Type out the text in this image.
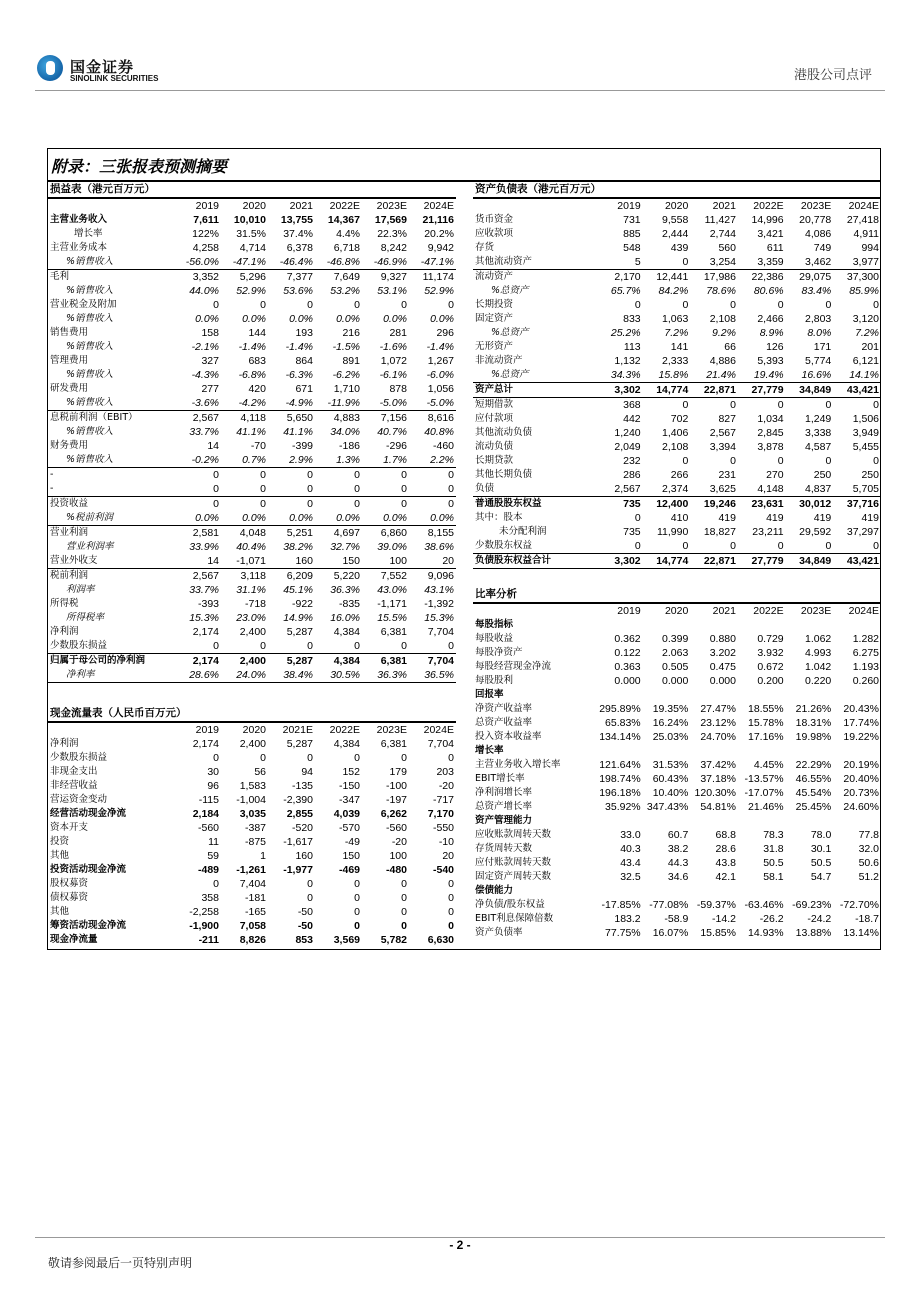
国金证券
SINOLINK SECURITIES	港股公司点评
附录：三张报表预测摘要
损益表（港元百万元）
	2019	2020	2021	2022E	2023E	2024E
主营业务收入	7,611	10,010	13,755	14,367	17,569	21,116
增长率	122%	31.5%	37.4%	4.4%	22.3%	20.2%
主营业务成本	4,258	4,714	6,378	6,718	8,242	9,942
%销售收入	-56.0%	-47.1%	-46.4%	-46.8%	-46.9%	-47.1%
毛利	3,352	5,296	7,377	7,649	9,327	11,174
%销售收入	44.0%	52.9%	53.6%	53.2%	53.1%	52.9%
营业税金及附加	0	0	0	0	0	0
%销售收入	0.0%	0.0%	0.0%	0.0%	0.0%	0.0%
销售费用	158	144	193	216	281	296
%销售收入	-2.1%	-1.4%	-1.4%	-1.5%	-1.6%	-1.4%
管理费用	327	683	864	891	1,072	1,267
%销售收入	-4.3%	-6.8%	-6.3%	-6.2%	-6.1%	-6.0%
研发费用	277	420	671	1,710	878	1,056
%销售收入	-3.6%	-4.2%	-4.9%	-11.9%	-5.0%	-5.0%
息税前利润（EBIT）	2,567	4,118	5,650	4,883	7,156	8,616
%销售收入	33.7%	41.1%	41.1%	34.0%	40.7%	40.8%
财务费用	14	-70	-399	-186	-296	-460
%销售收入	-0.2%	0.7%	2.9%	1.3%	1.7%	2.2%
-	0	0	0	0	0	0
-	0	0	0	0	0	0
投资收益	0	0	0	0	0	0
%税前利润	0.0%	0.0%	0.0%	0.0%	0.0%	0.0%
营业利润	2,581	4,048	5,251	4,697	6,860	8,155
营业利润率	33.9%	40.4%	38.2%	32.7%	39.0%	38.6%
营业外收支	14	-1,071	160	150	100	20
税前利润	2,567	3,118	6,209	5,220	7,552	9,096
利润率	33.7%	31.1%	45.1%	36.3%	43.0%	43.1%
所得税	-393	-718	-922	-835	-1,171	-1,392
所得税率	15.3%	23.0%	14.9%	16.0%	15.5%	15.3%
净利润	2,174	2,400	5,287	4,384	6,381	7,704
少数股东损益	0	0	0	0	0	0
归属于母公司的净利润	2,174	2,400	5,287	4,384	6,381	7,704
净利率	28.6%	24.0%	38.4%	30.5%	36.3%	36.5%
现金流量表（人民币百万元）
	2019	2020	2021E	2022E	2023E	2024E
净利润	2,174	2,400	5,287	4,384	6,381	7,704
少数股东损益	0	0	0	0	0	0
非现金支出	30	56	94	152	179	203
非经营收益	96	1,583	-135	-150	-100	-20
营运资金变动	-115	-1,004	-2,390	-347	-197	-717
经营活动现金净流	2,184	3,035	2,855	4,039	6,262	7,170
资本开支	-560	-387	-520	-570	-560	-550
投资	11	-875	-1,617	-49	-20	-10
其他	59	1	160	150	100	20
投资活动现金净流	-489	-1,261	-1,977	-469	-480	-540
股权募资	0	7,404	0	0	0	0
债权募资	358	-181	0	0	0	0
其他	-2,258	-165	-50	0	0	0
筹资活动现金净流	-1,900	7,058	-50	0	0	0
现金净流量	-211	8,826	853	3,569	5,782	6,630
资产负债表（港元百万元）
	2019	2020	2021	2022E	2023E	2024E
货币资金	731	9,558	11,427	14,996	20,778	27,418
应收款项	885	2,444	2,744	3,421	4,086	4,911
存货	548	439	560	611	749	994
其他流动资产	5	0	3,254	3,359	3,462	3,977
流动资产	2,170	12,441	17,986	22,386	29,075	37,300
%总资产	65.7%	84.2%	78.6%	80.6%	83.4%	85.9%
长期投资	0	0	0	0	0	0
固定资产	833	1,063	2,108	2,466	2,803	3,120
%总资产	25.2%	7.2%	9.2%	8.9%	8.0%	7.2%
无形资产	113	141	66	126	171	201
非流动资产	1,132	2,333	4,886	5,393	5,774	6,121
%总资产	34.3%	15.8%	21.4%	19.4%	16.6%	14.1%
资产总计	3,302	14,774	22,871	27,779	34,849	43,421
短期借款	368	0	0	0	0	0
应付款项	442	702	827	1,034	1,249	1,506
其他流动负债	1,240	1,406	2,567	2,845	3,338	3,949
流动负债	2,049	2,108	3,394	3,878	4,587	5,455
长期贷款	232	0	0	0	0	0
其他长期负债	286	266	231	270	250	250
负债	2,567	2,374	3,625	4,148	4,837	5,705
普通股股东权益	735	12,400	19,246	23,631	30,012	37,716
其中：股本	0	410	419	419	419	419
未分配利润	735	11,990	18,827	23,211	29,592	37,297
少数股东权益	0	0	0	0	0	0
负债股东权益合计	3,302	14,774	22,871	27,779	34,849	43,421
比率分析
	2019	2020	2021	2022E	2023E	2024E
每股指标						
每股收益	0.362	0.399	0.880	0.729	1.062	1.282
每股净资产	0.122	2.063	3.202	3.932	4.993	6.275
每股经营现金净流	0.363	0.505	0.475	0.672	1.042	1.193
每股股利	0.000	0.000	0.000	0.200	0.220	0.260
回报率						
净资产收益率	295.89%	19.35%	27.47%	18.55%	21.26%	20.43%
总资产收益率	65.83%	16.24%	23.12%	15.78%	18.31%	17.74%
投入资本收益率	134.14%	25.03%	24.70%	17.16%	19.98%	19.22%
增长率						
主营业务收入增长率	121.64%	31.53%	37.42%	4.45%	22.29%	20.19%
EBIT增长率	198.74%	60.43%	37.18%	-13.57%	46.55%	20.40%
净利润增长率	196.18%	10.40%	120.30%	-17.07%	45.54%	20.73%
总资产增长率	35.92%	347.43%	54.81%	21.46%	25.45%	24.60%
资产管理能力						
应收账款周转天数	33.0	60.7	68.8	78.3	78.0	77.8
存货周转天数	40.3	38.2	28.6	31.8	30.1	32.0
应付账款周转天数	43.4	44.3	43.8	50.5	50.5	50.6
固定资产周转天数	32.5	34.6	42.1	58.1	54.7	51.2
偿债能力						
净负债/股东权益	-17.85%	-77.08%	-59.37%	-63.46%	-69.23%	-72.70%
EBIT利息保障倍数	183.2	-58.9	-14.2	-26.2	-24.2	-18.7
资产负债率	77.75%	16.07%	15.85%	14.93%	13.88%	13.14%
- 2 -
敬请参阅最后一页特别声明
